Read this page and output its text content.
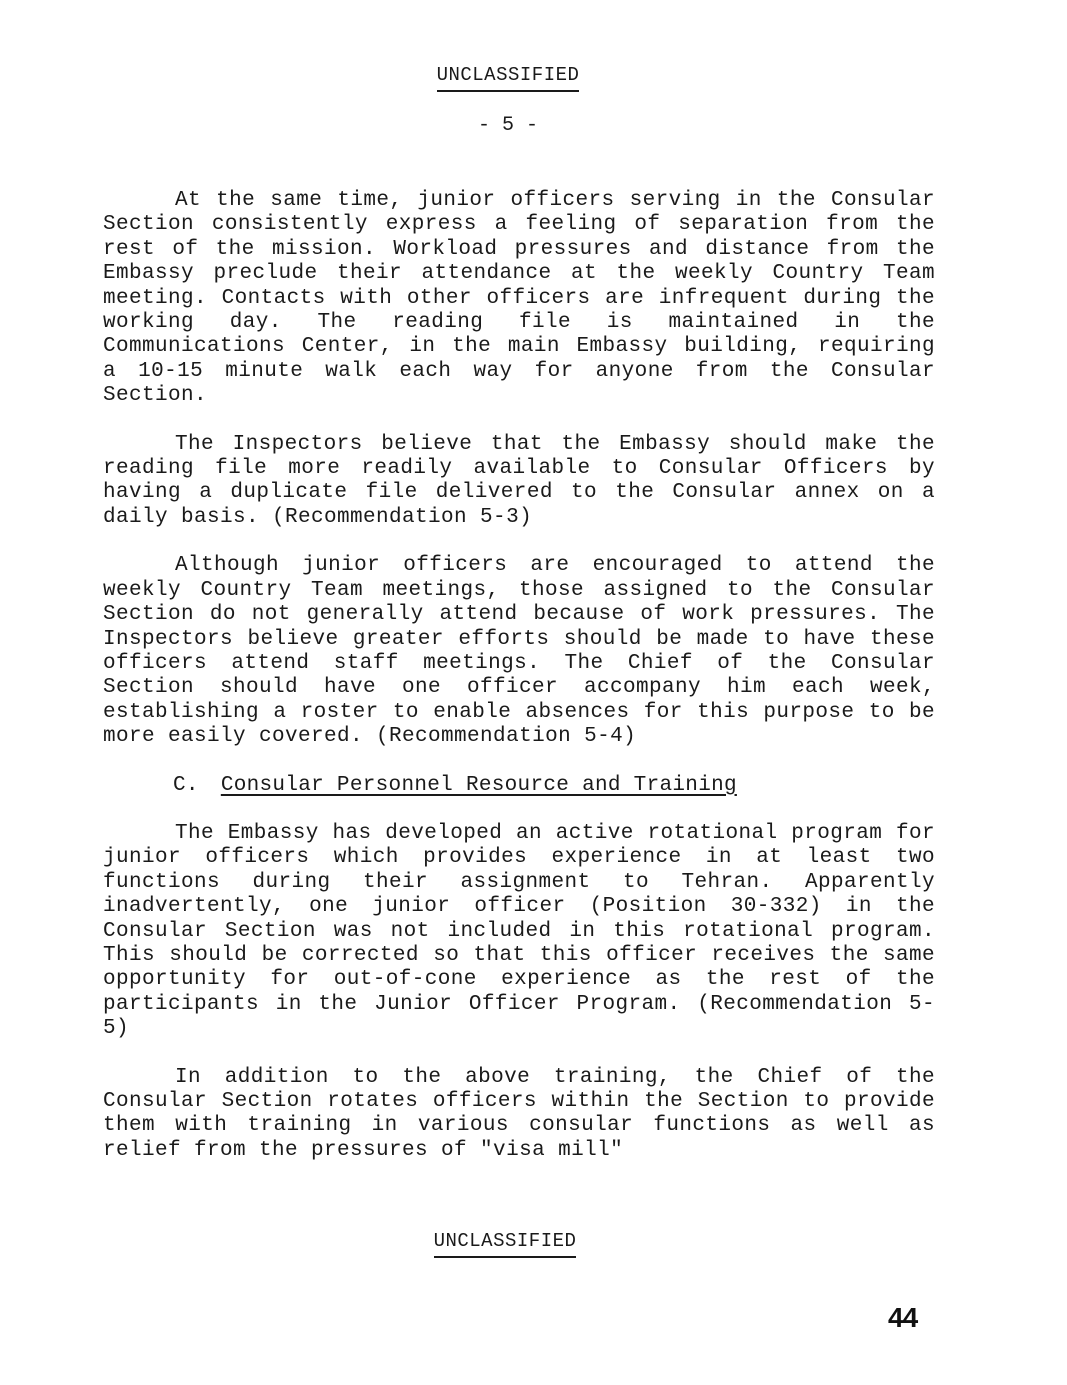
UNCLASSIFIED
- 5 -

At the same time, junior officers serving in the Consular Section consistently express a feeling of separation from the rest of the mission. Workload pressures and distance from the Embassy preclude their attendance at the weekly Country Team meeting. Contacts with other officers are infrequent during the working day. The reading file is maintained in the Communications Center, in the main Embassy building, requiring a 10-15 minute walk each way for anyone from the Consular Section.

The Inspectors believe that the Embassy should make the reading file more readily available to Consular Officers by having a duplicate file delivered to the Consular annex on a daily basis. (Recommendation 5-3)

Although junior officers are encouraged to attend the weekly Country Team meetings, those assigned to the Consular Section do not generally attend because of work pressures. The Inspectors believe greater efforts should be made to have these officers attend staff meetings. The Chief of the Consular Section should have one officer accompany him each week, establishing a roster to enable absences for this purpose to be more easily covered. (Recommendation 5-4)

C. Consular Personnel Resource and Training

The Embassy has developed an active rotational program for junior officers which provides experience in at least two functions during their assignment to Tehran. Apparently inadvertently, one junior officer (Position 30-332) in the Consular Section was not included in this rotational program. This should be corrected so that this officer receives the same opportunity for out-of-cone experience as the rest of the participants in the Junior Officer Program. (Recommendation 5-5)

In addition to the above training, the Chief of the Consular Section rotates officers within the Section to provide them with training in various consular functions as well as relief from the pressures of "visa mill"

UNCLASSIFIED
44
